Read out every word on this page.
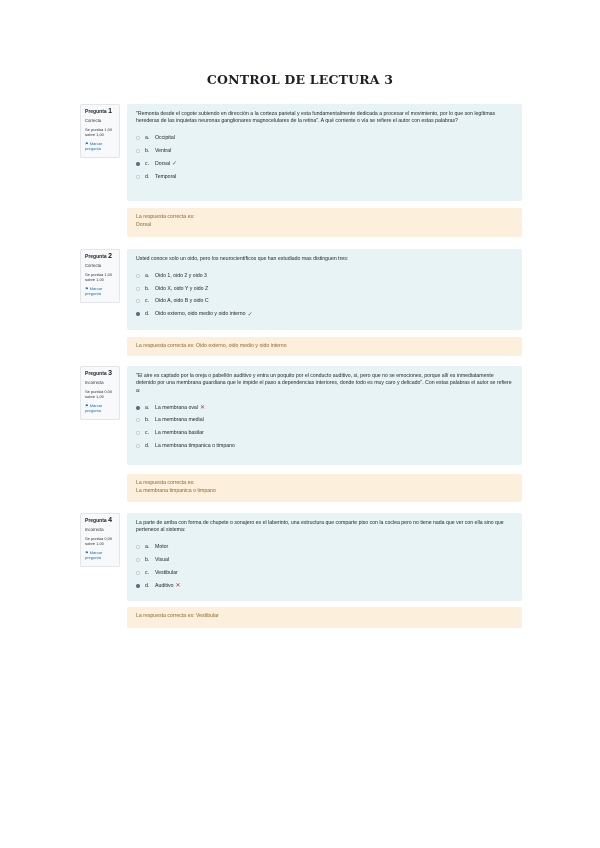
CONTROL DE LECTURA 3
Pregunta 1
Correcta
Se puntúa 1,00 sobre 1,00
⚑ Marcar pregunta
"Remonta desde el cogote subiendo en dirección a la corteza parietal y esta fundamentalmente dedicada a procesar el movimiento, por lo que son legítimas herederas de las inquietas neuronas ganglionares magnocelulares de la retina". A qué corriente o vía se refiere el autor con estas palabras?
a.	Occipital
b.	Ventral
c.	Dorsal ✓
d.	Temporal
La respuesta correcta es:
Dorsal
Pregunta 2
Correcta
Se puntúa 1,00 sobre 1,00
⚑ Marcar pregunta
Usted conoce solo un oido, pero los neurocientíficos que han estudiado mas distinguen tres:
a.	Oido 1, oido 2 y oido 3
b.	Oido X, oido Y y oido Z
c.	Oido A, oido B y oido C
d.	Oido externo, oido medio y oido interno ✓
La respuesta correcta es: Oido externo, oido medio y oido interno
Pregunta 3
Incorrecta
Se puntúa 0,00 sobre 1,00
⚑ Marcar pregunta
"El aire es captado por la oreja o pabellón auditivo y entra un poquito por el conducto auditivo, si, pero que no se emociones, porque allí es inmediatamente detenido por una membrana guardiana que le impide el paso a dependencias interiores, donde todo es muy caro y delicado". Con estas palabras el autor se refiere a:
a.	La membrana oval ✕
b.	La membrana medial
c.	La membrana basilar
d.	La membrana timpanica o timpano
La respuesta correcta es:
La membrana timpanica o timpano
Pregunta 4
Incorrecta
Se puntúa 0,00 sobre 1,00
⚑ Marcar pregunta
La parte de arriba con forma de chupete o sonajero es el laberinto, una estructura que comparte piso con la coclea pero no tiene nada que ver con ella sino que pertenece al sistema:
a.	Motor
b.	Visual
c.	Vestibular
d.	Auditivo ✕
La respuesta correcta es: Vestibular
